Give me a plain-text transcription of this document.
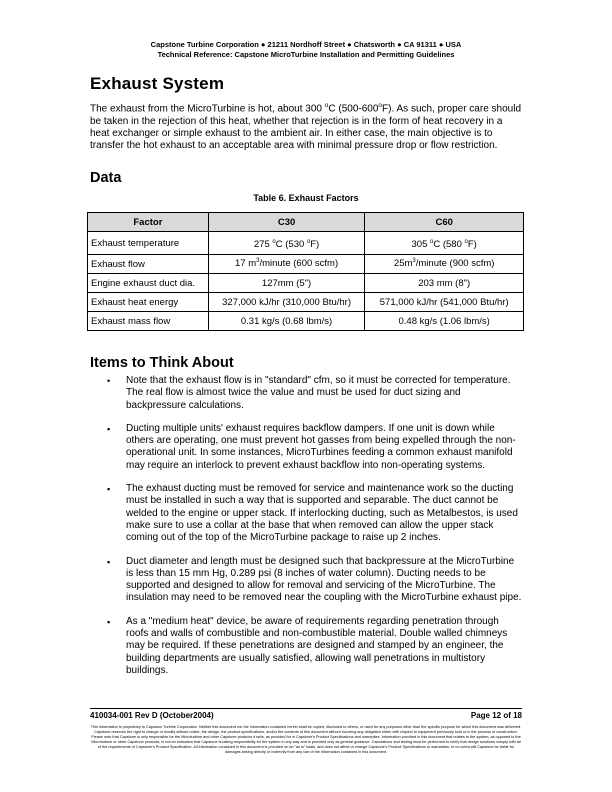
Capstone Turbine Corporation ● 21211 Nordhoff Street ● Chatsworth ● CA 91311 ● USA
Technical Reference: Capstone MicroTurbine Installation and Permitting Guidelines
Exhaust System

The exhaust from the MicroTurbine is hot, about 300 $^o$C (500-600$^o$F). As such, proper care should be taken in the rejection of this heat, whether that rejection is in the form of heat recovery in a heat exchanger or simple exhaust to the ambient air. In either case, the main objective is to transfer the hot exhaust to an acceptable area with minimal pressure drop or flow restriction.

Data
Table 6. Exhaust Factors
Factor	C30	C60
Exhaust temperature	275 $^o$C (530 $^o$F)	305 $^o$C (580 $^o$F)
Exhaust flow	17 $m^3$/minute (600 scfm)	$25m^3$/minute (900 scfm)
Engine exhaust duct dia.	127mm (5")	203 mm (8")
Exhaust heat energy	327,000 kJ/hr (310,000 Btu/hr)	571,000 kJ/hr (541,000 Btu/hr)
Exhaust mass flow	0.31 kg/s (0.68 lbm/s)	0.48 kg/s (1.06 lbm/s)
Items to Think About
• Note that the exhaust flow is in "standard" cfm, so it must be corrected for temperature. The real flow is almost twice the value and must be used for duct sizing and backpressure calculations.
▪ Ducting multiple units' exhaust requires backflow dampers. If one unit is down while others are operating, one must prevent hot gasses from being expelled through the non-operational unit. In some instances, MicroTurbines feeding a common exhaust manifold may require an interlock to prevent exhaust backflow into non-operating systems.
▪ The exhaust ducting must be removed for service and maintenance work so the ducting must be installed in such a way that is supported and separable. The duct cannot be welded to the engine or upper stack. If interlocking ducting, such as Metalbestos, is used make sure to use a collar at the base that when removed can allow the upper stack coming out of the top of the MicroTurbine package to raise up 2 inches.
▪ Duct diameter and length must be designed such that backpressure at the MicroTurbine is less than 15 mm Hg, 0.289 psi (8 inches of water column). Ducting needs to be supported and designed to allow for removal and servicing of the MicroTurbine. The insulation may need to be removed near the coupling with the MicroTurbine exhaust pipe.
▪ As a "medium heat" device, be aware of requirements regarding penetration through roofs and walls of combustible and non-combustible material. Double walled chimneys may be required. If these penetrations are designed and stamped by an engineer, the building departments are usually satisfied, allowing wall penetrations in multistory buildings.
410034-001 Rev D (October2004)	Page 12 of 18
This information is proprietary to Capstone Turbine Corporation. Neither this document nor the information contained herein shall be copied, disclosed to others, or used for any purposes other than the specific purpose for which this document was delivered. Capstone reserves the right to change or modify without notice, the design, the product specifications, and/or the contents of this document without incurring any obligation either with respect to equipment previously sold or in the process of construction. Please note that Capstone is only responsible for the Microturbine and other Capstone products it sells, as provided for in Capstone's Product Specifications and warranties. Information provided in this document that relates to the system, as opposed to the Microturbine or other Capstone products, is not an indication that Capstone is taking responsibility for the system in any way and is provided only as general guidance. Calculations and testing must be performed to verify that design solutions comply with all of the requirements of Capstone's Product Specification. All information contained in this document is provided on an "as is" basis, and does not affect or change Capstone's Product Specifications or warranties. In no event will Capstone be liable for damages arising directly or indirectly from any use of the information contained in this document.
